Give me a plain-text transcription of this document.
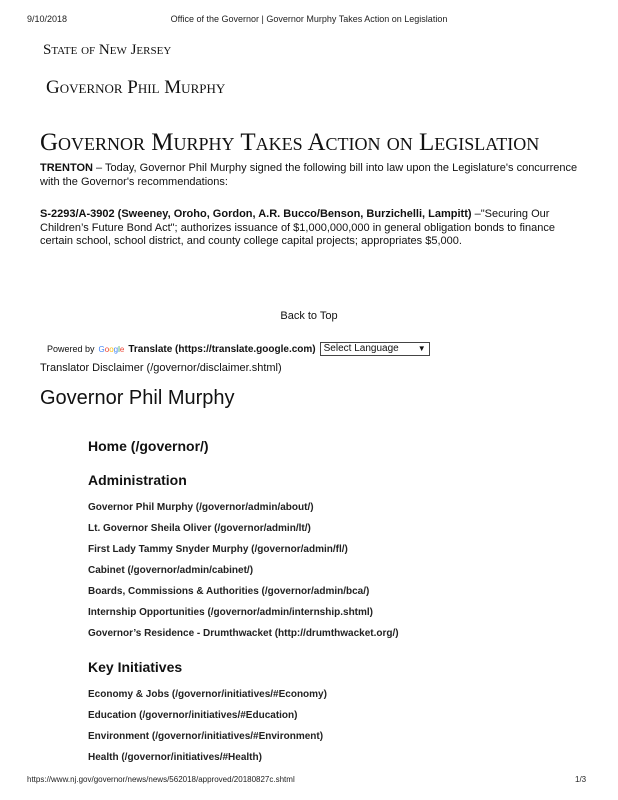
9/10/2018	Office of the Governor | Governor Murphy Takes Action on Legislation
State of New Jersey
Governor Phil Murphy
Governor Murphy Takes Action on Legislation
TRENTON – Today, Governor Phil Murphy signed the following bill into law upon the Legislature's concurrence with the Governor's recommendations:
S-2293/A-3902 (Sweeney, Oroho, Gordon, A.R. Bucco/Benson, Burzichelli, Lampitt) –"Securing Our Children’s Future Bond Act"; authorizes issuance of $1,000,000,000 in general obligation bonds to finance certain school, school district, and county college capital projects; appropriates $5,000.
Back to Top
Powered by Google Translate (https://translate.google.com) Select Language ▼
Translator Disclaimer (/governor/disclaimer.shtml)
Governor Phil Murphy
Home (/governor/)
Administration
Governor Phil Murphy (/governor/admin/about/)
Lt. Governor Sheila Oliver (/governor/admin/lt/)
First Lady Tammy Snyder Murphy (/governor/admin/fl/)
Cabinet (/governor/admin/cabinet/)
Boards, Commissions & Authorities (/governor/admin/bca/)
Internship Opportunities (/governor/admin/internship.shtml)
Governor’s Residence - Drumthwacket (http://drumthwacket.org/)
Key Initiatives
Economy & Jobs (/governor/initiatives/#Economy)
Education (/governor/initiatives/#Education)
Environment (/governor/initiatives/#Environment)
Health (/governor/initiatives/#Health)
https://www.nj.gov/governor/news/news/562018/approved/20180827c.shtml	1/3
